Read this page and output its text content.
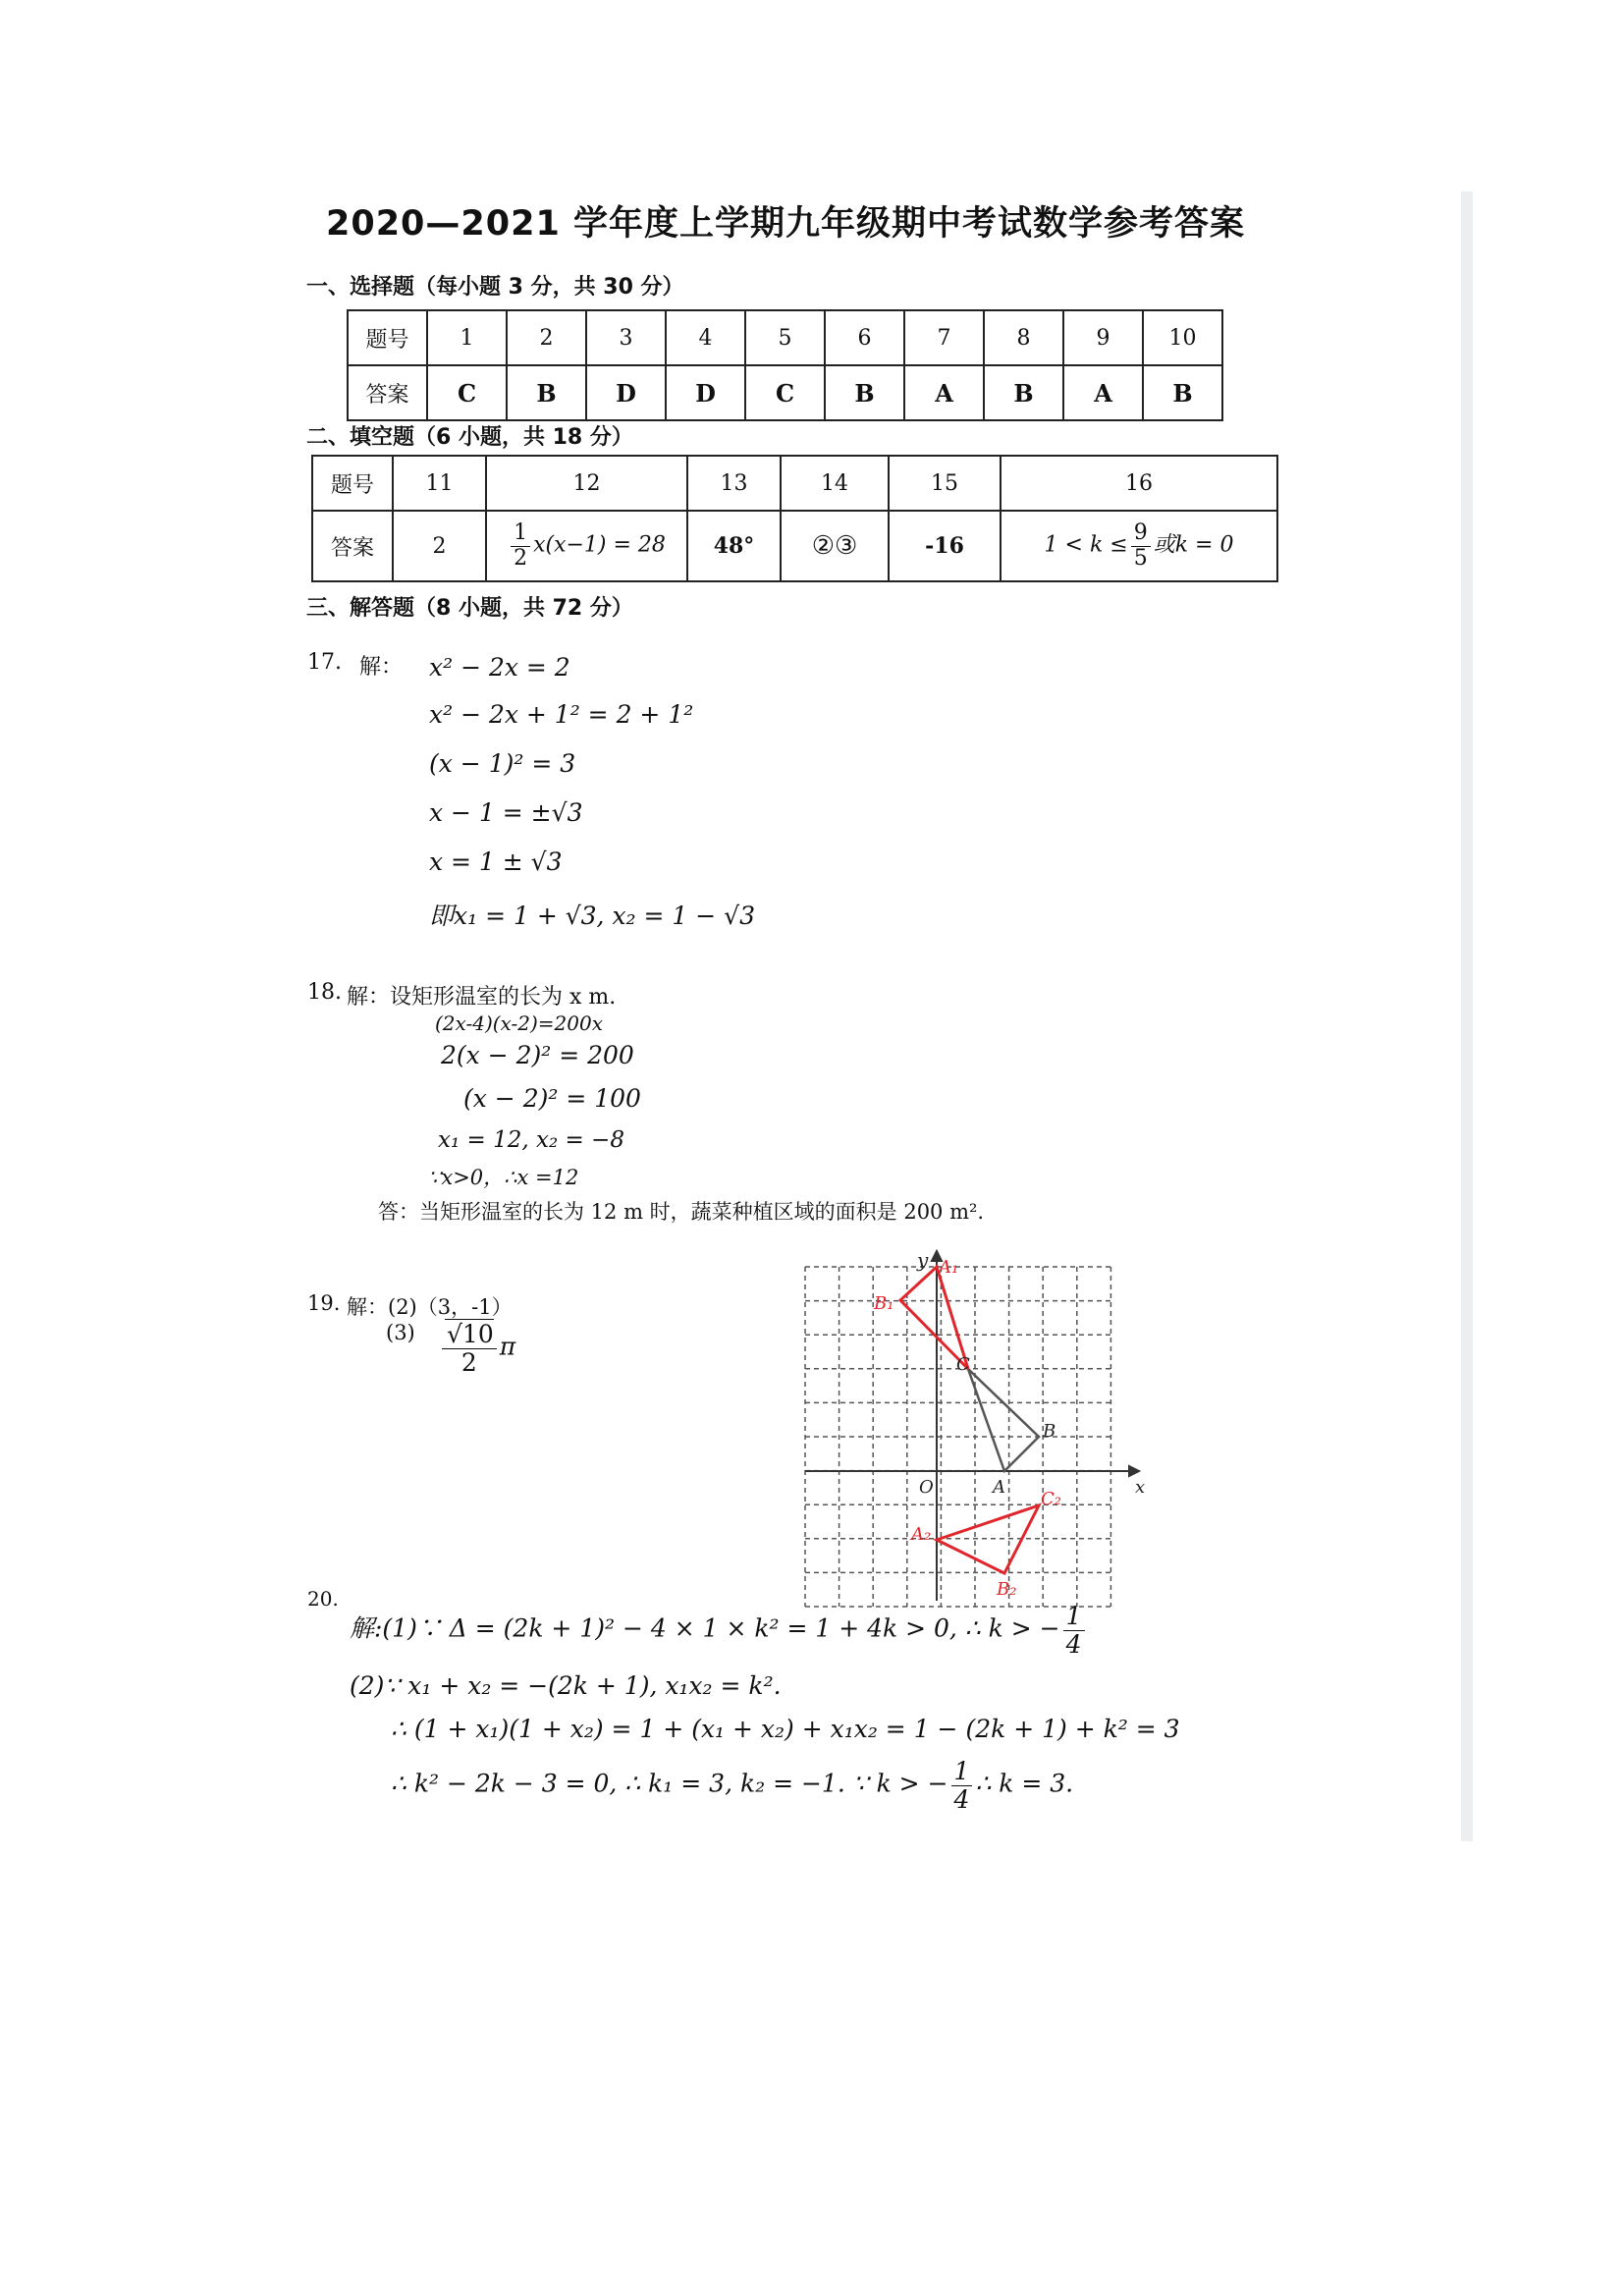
2020—2021 学年度上学期九年级期中考试数学参考答案
一、选择题（每小题 3 分，共 30 分）
题号	1	2	3	4	5	6	7	8	9	10
答案	C	B	D	D	C	B	A	B	A	B
二、填空题（6 小题，共 18 分）
题号	11	12	13	14	15	16
答案	2	$\frac{1}{2} x(x-1) = 28$	48°	②③	-16	$1 < k \le \frac{9}{5}$ 或k = 0
三、解答题（8 小题，共 72 分）
17. 解： x² − 2x = 2
x² − 2x + 1² = 2 + 1²
(x − 1)² = 3
x − 1 = ±√3
x = 1 ± √3
即x₁ = 1 + √3, x₂ = 1 − √3
18. 解：设矩形温室的长为 x m.
(2x-4)(x-2)=200x
2(x − 2)² = 200
(x − 2)² = 100
x₁ = 12, x₂ = −8
∵x>0，∴x =12
答：当矩形温室的长为 12 m 时，蔬菜种植区域的面积是 200 m².
19. 解：(2)（3，-1）
$(3) \frac{√10}{2}$ π
y A₁
B₁
C
B
x
O	A
C₂
A₂
B₂
20.
解:(1)∵ Δ = (2k + 1)² − 4 × 1 × k² = 1 + 4k > 0, ∴ k > − $\frac{1}{4}$
(2)∵ x₁ + x₂ = −(2k + 1), x₁x₂ = k².
∴ (1 + x₁)(1 + x₂) = 1 + (x₁ + x₂) + x₁x₂ = 1 − (2k + 1) + k² = 3
∴ k² − 2k − 3 = 0, ∴ k₁ = 3, k₂ = −1. ∵ k > − $\frac{1}{4}$ ∴ k = 3.
